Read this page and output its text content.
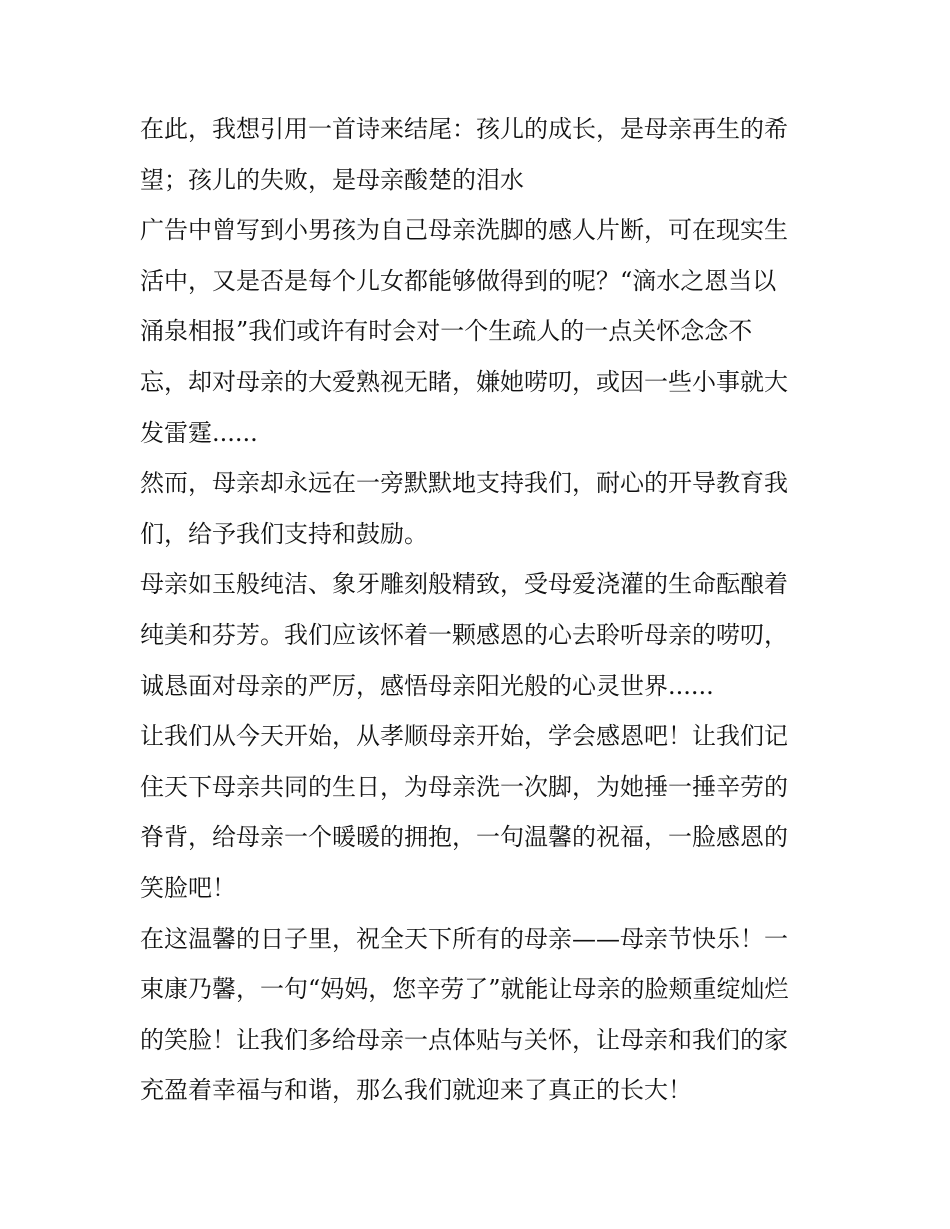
在此，我想引用一首诗来结尾：孩儿的成长，是母亲再生的希
望；孩儿的失败，是母亲酸楚的泪水
广告中曾写到小男孩为自己母亲洗脚的感人片断，可在现实生
活中，又是否是每个儿女都能够做得到的呢？“滴水之恩当以
涌泉相报”我们或许有时会对一个生疏人的一点关怀念念不
忘，却对母亲的大爱熟视无睹，嫌她唠叨，或因一些小事就大
发雷霆......
然而，母亲却永远在一旁默默地支持我们，耐心的开导教育我
们，给予我们支持和鼓励。
母亲如玉般纯洁、象牙雕刻般精致，受母爱浇灌的生命酝酿着
纯美和芬芳。我们应该怀着一颗感恩的心去聆听母亲的唠叨，
诚恳面对母亲的严厉，感悟母亲阳光般的心灵世界......
让我们从今天开始，从孝顺母亲开始，学会感恩吧！让我们记
住天下母亲共同的生日，为母亲洗一次脚，为她捶一捶辛劳的
脊背，给母亲一个暖暖的拥抱，一句温馨的祝福，一脸感恩的
笑脸吧！
在这温馨的日子里，祝全天下所有的母亲——母亲节快乐！一
束康乃馨，一句“妈妈，您辛劳了”就能让母亲的脸颊重绽灿烂
的笑脸！让我们多给母亲一点体贴与关怀，让母亲和我们的家
充盈着幸福与和谐，那么我们就迎来了真正的长大！
